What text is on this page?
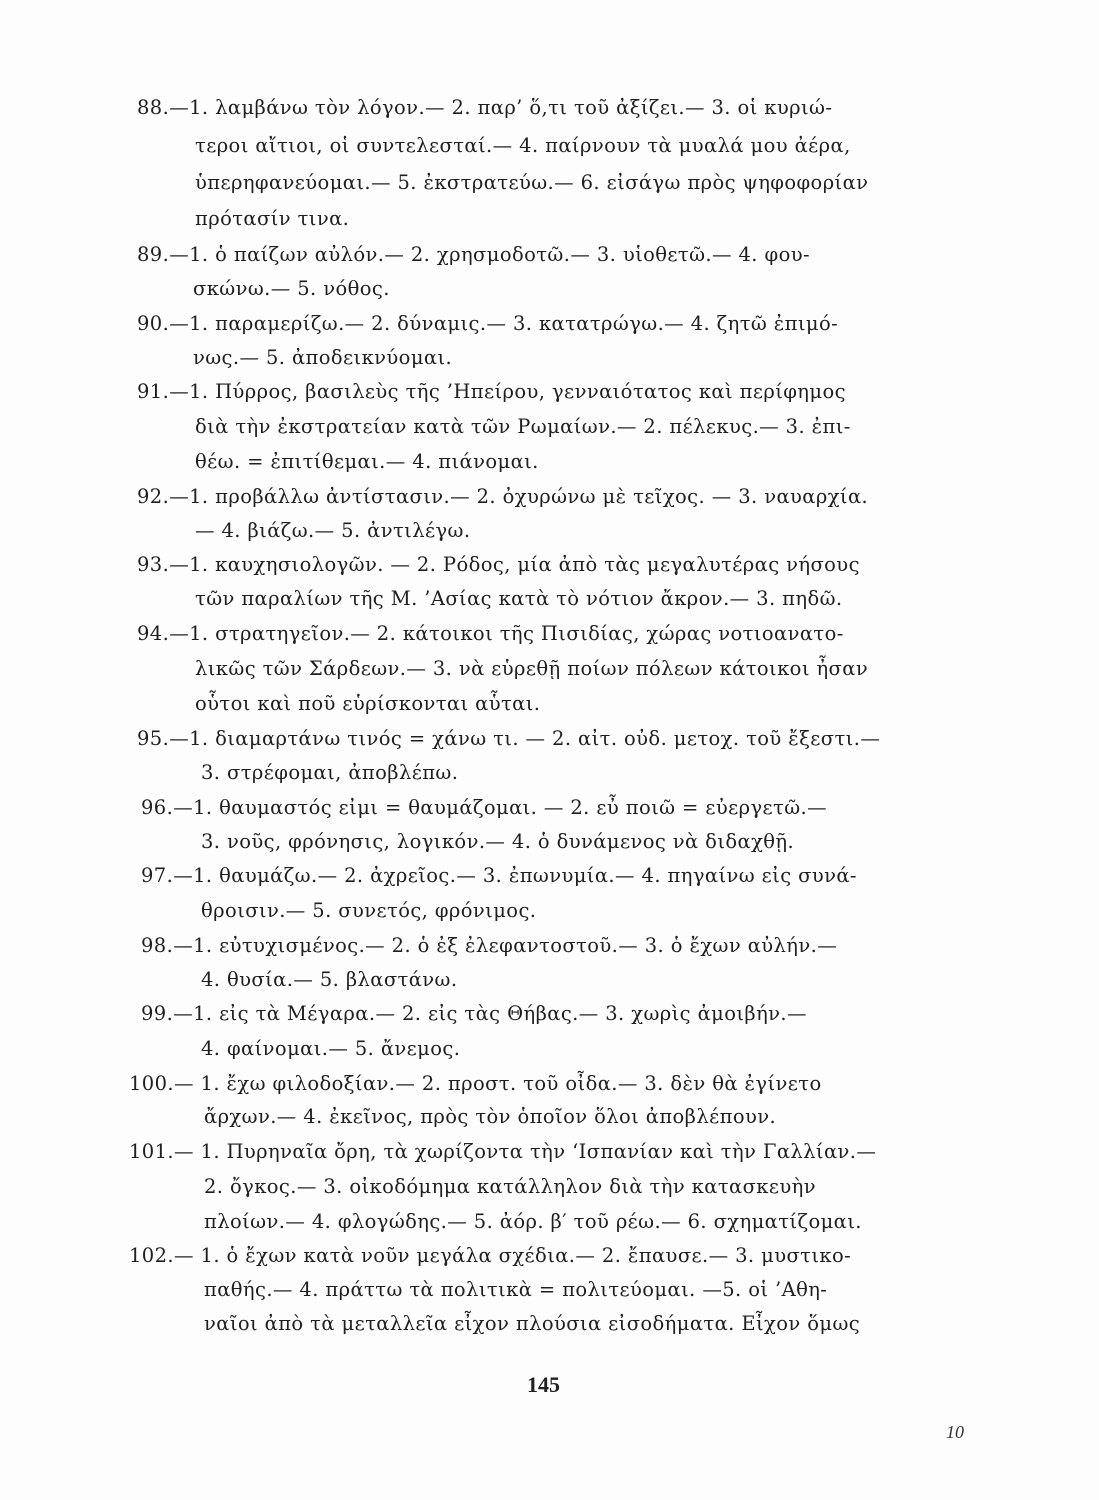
88.—1. λαμβάνω τὸν λόγον.— 2. παρ’ ὅ,τι τοῦ ἀξίζει.— 3. οἱ κυριώ-
τεροι αἴτιοι, οἱ συντελεσταί.— 4. παίρνουν τὰ μυαλά μου ἀέρα,
ὑπερηφανεύομαι.— 5. ἐκστρατεύω.— 6. εἰσάγω πρὸς ψηφοφορίαν
πρότασίν τινα.
89.—1. ὁ παίζων αὐλόν.— 2. χρησμοδοτῶ.— 3. υἱοθετῶ.— 4. φου-
σκώνω.— 5. νόθος.
90.—1. παραμερίζω.— 2. δύναμις.— 3. κατατρώγω.— 4. ζητῶ ἐπιμό-
νως.— 5. ἀποδεικνύομαι.
91.—1. Πύρρος, βασιλεὺς τῆς ’Ηπείρου, γενναιότατος καὶ περίφημος
διὰ τὴν ἐκστρατείαν κατὰ τῶν Ρωμαίων.— 2. πέλεκυς.— 3. ἐπι-
θέω. = ἐπιτίθεμαι.— 4. πιάνομαι.
92.—1. προβάλλω ἀντίστασιν.— 2. ὀχυρώνω μὲ τεῖχος. — 3. ναυαρχία.
— 4. βιάζω.— 5. ἀντιλέγω.
93.—1. καυχησιολογῶν. — 2. Ρόδος, μία ἀπὸ τὰς μεγαλυτέρας νήσους
τῶν παραλίων τῆς Μ. ’Ασίας κατὰ τὸ νότιον ἄκρον.— 3. πηδῶ.
94.—1. στρατηγεῖον.— 2. κάτοικοι τῆς Πισιδίας, χώρας νοτιοανατο-
λικῶς τῶν Σάρδεων.— 3. νὰ εὑρεθῇ ποίων πόλεων κάτοικοι ἦσαν
οὗτοι καὶ ποῦ εὑρίσκονται αὗται.
95.—1. διαμαρτάνω τινός = χάνω τι. — 2. αἰτ. οὐδ. μετοχ. τοῦ ἔξεστι.—
3. στρέφομαι, ἀποβλέπω.
96.—1. θαυμαστός εἰμι = θαυμάζομαι. — 2. εὖ ποιῶ = εὐεργετῶ.—
3. νοῦς, φρόνησις, λογικόν.— 4. ὁ δυνάμενος νὰ διδαχθῇ.
97.—1. θαυμάζω.— 2. ἀχρεῖος.— 3. ἐπωνυμία.— 4. πηγαίνω εἰς συνά-
θροισιν.— 5. συνετός, φρόνιμος.
98.—1. εὐτυχισμένος.— 2. ὁ ἐξ ἐλεφαντοστοῦ.— 3. ὁ ἔχων αὐλήν.—
4. θυσία.— 5. βλαστάνω.
99.—1. εἰς τὰ Μέγαρα.— 2. εἰς τὰς Θήβας.— 3. χωρὶς ἀμοιβήν.—
4. φαίνομαι.— 5. ἄνεμος.
100.— 1. ἔχω φιλοδοξίαν.— 2. προστ. τοῦ οἶδα.— 3. δὲν θὰ ἐγίνετο
ἄρχων.— 4. ἐκεῖνος, πρὸς τὸν ὁποῖον ὅλοι ἀποβλέπουν.
101.— 1. Πυρηναῖα ὄρη, τὰ χωρίζοντα τὴν ‘Ισπανίαν καὶ τὴν Γαλλίαν.—
2. ὄγκος.— 3. οἰκοδόμημα κατάλληλον διὰ τὴν κατασκευὴν
πλοίων.— 4. φλογώδης.— 5. ἀόρ. β′ τοῦ ρέω.— 6. σχηματίζομαι.
102.— 1. ὁ ἔχων κατὰ νοῦν μεγάλα σχέδια.— 2. ἔπαυσε.— 3. μυστικο-
παθής.— 4. πράττω τὰ πολιτικὰ = πολιτεύομαι. —5. οἱ ’Αθη-
ναῖοι ἀπὸ τὰ μεταλλεῖα εἶχον πλούσια εἰσοδήματα. Εἶχον ὅμως
145
10
